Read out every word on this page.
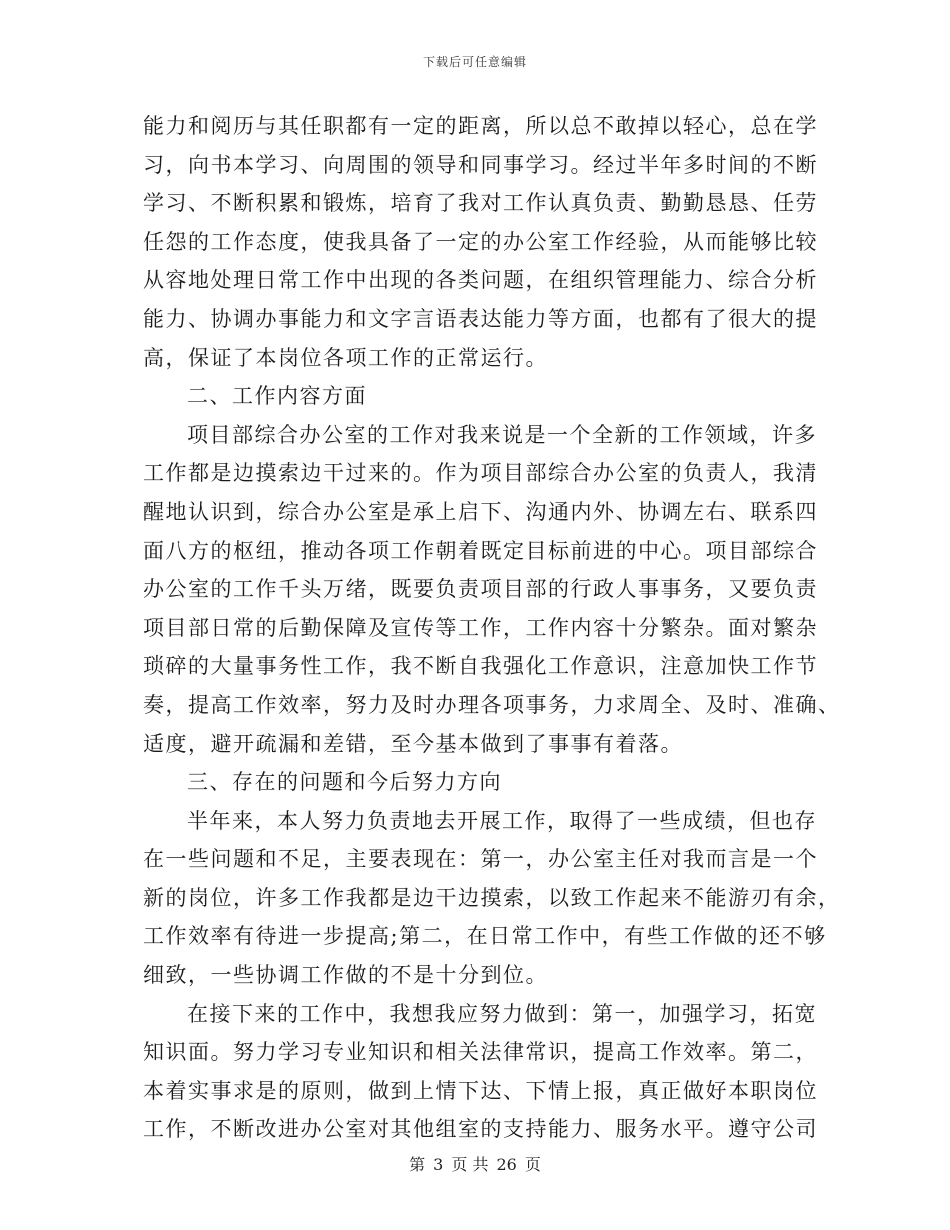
下载后可任意编辑
能力和阅历与其任职都有一定的距离，所以总不敢掉以轻心，总在学
习，向书本学习、向周围的领导和同事学习。经过半年多时间的不断
学习、不断积累和锻炼，培育了我对工作认真负责、勤勤恳恳、任劳
任怨的工作态度，使我具备了一定的办公室工作经验，从而能够比较
从容地处理日常工作中出现的各类问题，在组织管理能力、综合分析
能力、协调办事能力和文字言语表达能力等方面，也都有了很大的提
高，保证了本岗位各项工作的正常运行。
二、工作内容方面
项目部综合办公室的工作对我来说是一个全新的工作领域，许多
工作都是边摸索边干过来的。作为项目部综合办公室的负责人，我清
醒地认识到，综合办公室是承上启下、沟通内外、协调左右、联系四
面八方的枢纽，推动各项工作朝着既定目标前进的中心。项目部综合
办公室的工作千头万绪，既要负责项目部的行政人事事务，又要负责
项目部日常的后勤保障及宣传等工作，工作内容十分繁杂。面对繁杂
琐碎的大量事务性工作，我不断自我强化工作意识，注意加快工作节
奏，提高工作效率，努力及时办理各项事务，力求周全、及时、准确、
适度，避开疏漏和差错，至今基本做到了事事有着落。
三、存在的问题和今后努力方向
半年来，本人努力负责地去开展工作，取得了一些成绩，但也存
在一些问题和不足，主要表现在：第一，办公室主任对我而言是一个
新的岗位，许多工作我都是边干边摸索，以致工作起来不能游刃有余，
工作效率有待进一步提高;第二，在日常工作中，有些工作做的还不够
细致，一些协调工作做的不是十分到位。
在接下来的工作中，我想我应努力做到：第一，加强学习，拓宽
知识面。努力学习专业知识和相关法律常识，提高工作效率。第二，
本着实事求是的原则，做到上情下达、下情上报，真正做好本职岗位
工作，不断改进办公室对其他组室的支持能力、服务水平。遵守公司
第 3 页 共 26 页
